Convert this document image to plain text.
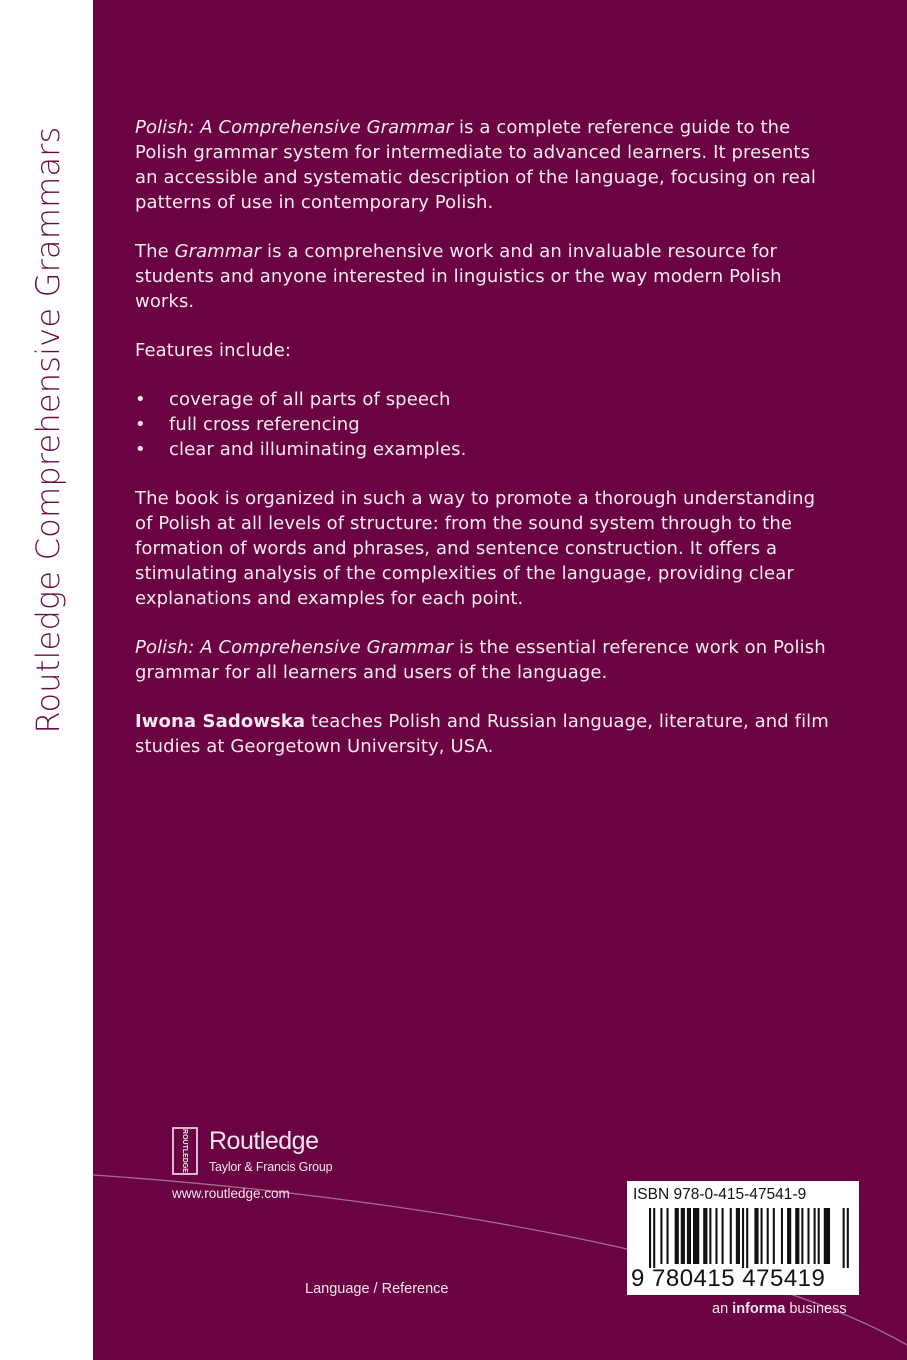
Routledge Comprehensive Grammars	Polish: A Comprehensive Grammar is a complete reference guide to the Polish grammar system for intermediate to advanced learners. It presents an accessible and systematic description of the language, focusing on real patterns of use in contemporary Polish.

The Grammar is a comprehensive work and an invaluable resource for students and anyone interested in linguistics or the way modern Polish works.

Features include:

• coverage of all parts of speech
• full cross referencing
• clear and illuminating examples.

The book is organized in such a way to promote a thorough understanding of Polish at all levels of structure: from the sound system through to the formation of words and phrases, and sentence construction. It offers a stimulating analysis of the complexities of the language, providing clear explanations and examples for each point.

Polish: A Comprehensive Grammar is the essential reference work on Polish grammar for all learners and users of the language.

Iwona Sadowska teaches Polish and Russian language, literature, and film studies at Georgetown University, USA.

ROUTLEDGE Routledge
Taylor & Francis Group
www.routledge.com
Language / Reference
ISBN 978-0-415-47541-9
9 780415 475419
an informa business
